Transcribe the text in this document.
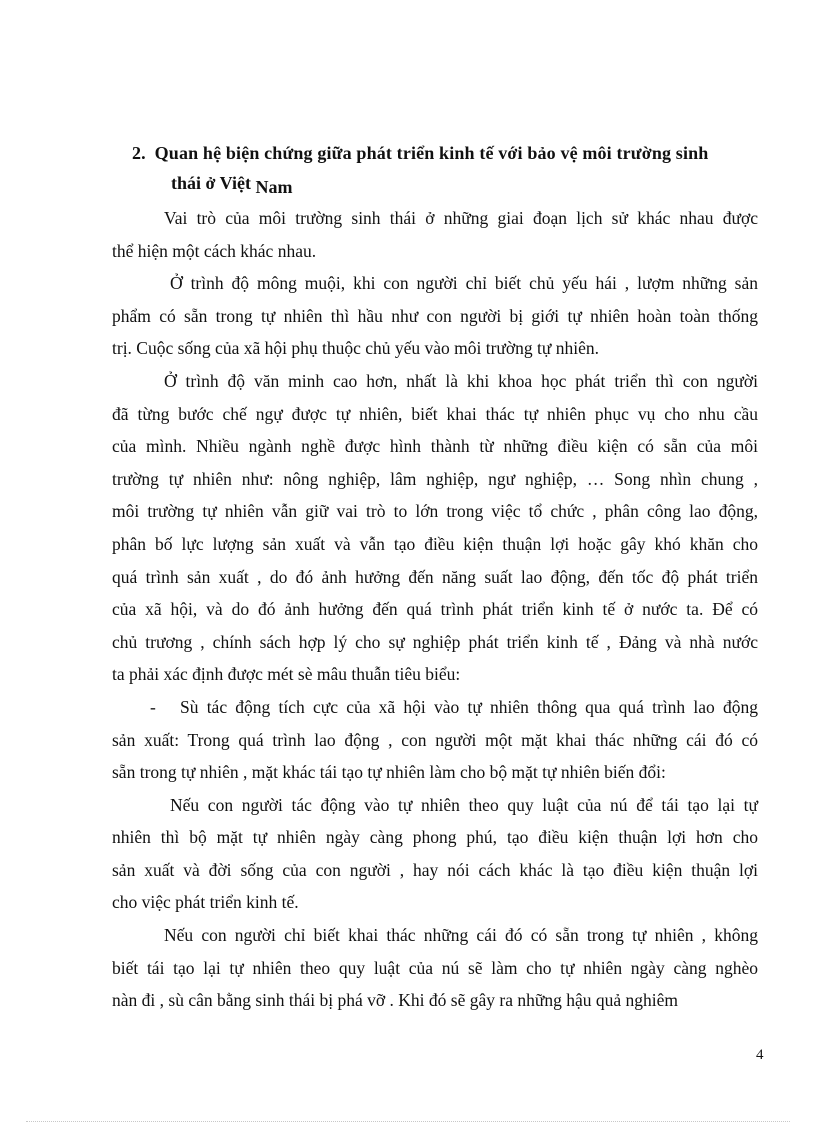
2. Quan hệ biện chứng giữa phát triển kinh tế với bảo vệ môi trường sinh
thái ở Việt Nam

Vai trò của môi trường sinh thái ở những giai đoạn lịch sử khác nhau được
thể hiện một cách khác nhau.

Ở trình độ mông muội, khi con người chỉ biết chủ yếu hái , lượm những sản
phẩm có sẵn trong tự nhiên thì hầu như con người bị giới tự nhiên hoàn toàn thống
trị. Cuộc sống của xã hội phụ thuộc chủ yếu vào môi trường tự nhiên.

Ở trình độ văn minh cao hơn, nhất là khi khoa học phát triển thì con người
đã từng bước chế ngự được tự nhiên, biết khai thác tự nhiên phục vụ cho nhu cầu
của mình. Nhiều ngành nghề được hình thành từ những điều kiện có sẵn của môi
trường tự nhiên như: nông nghiệp, lâm nghiệp, ngư nghiệp, … Song nhìn chung ,
môi trường tự nhiên vẫn giữ vai trò to lớn trong việc tổ chức , phân công lao động,
phân bố lực lượng sản xuất và vẫn tạo điều kiện thuận lợi hoặc gây khó khăn cho
quá trình sản xuất , do đó ảnh hưởng đến năng suất lao động, đến tốc độ phát triển
của xã hội, và do đó ảnh hưởng đến quá trình phát triển kinh tế ở nước ta. Để có
chủ trương , chính sách hợp lý cho sự nghiệp phát triển kinh tế , Đảng và nhà nước
ta phải xác định được mét sè mâu thuẫn tiêu biểu:

- Sù tác động tích cực của xã hội vào tự nhiên thông qua quá trình lao động
sản xuất: Trong quá trình lao động , con người một mặt khai thác những cái đó có
sẵn trong tự nhiên , mặt khác tái tạo tự nhiên làm cho bộ mặt tự nhiên biến đổi:

Nếu con người tác động vào tự nhiên theo quy luật của nú để tái tạo lại tự
nhiên thì bộ mặt tự nhiên ngày càng phong phú, tạo điều kiện thuận lợi hơn cho
sản xuất và đời sống của con người , hay nói cách khác là tạo điều kiện thuận lợi
cho việc phát triển kinh tế.

Nếu con người chỉ biết khai thác những cái đó có sẵn trong tự nhiên , không
biết tái tạo lại tự nhiên theo quy luật của nú sẽ làm cho tự nhiên ngày càng nghèo
nàn đi , sù cân bằng sinh thái bị phá vỡ . Khi đó sẽ gây ra những hậu quả nghiêm

4
